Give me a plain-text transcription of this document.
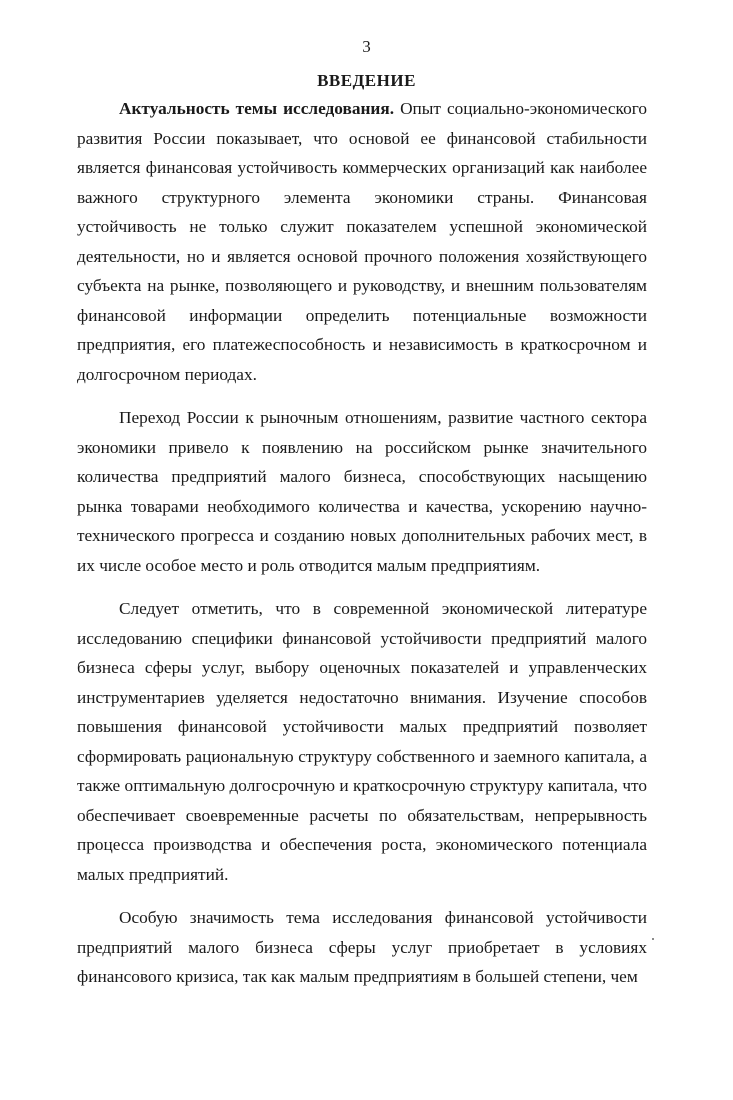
3
ВВЕДЕНИЕ

Актуальность темы исследования. Опыт социально-экономического развития России показывает, что основой ее финансовой стабильности является финансовая устойчивость коммерческих организаций как наиболее важного структурного элемента экономики страны. Финансовая устойчивость не только служит показателем успешной экономической деятельности, но и является основой прочного положения хозяйствующего субъекта на рынке, позволяющего и руководству, и внешним пользователям финансовой информации определить потенциальные возможности предприятия, его платежеспособность и независимость в краткосрочном и долгосрочном периодах.

Переход России к рыночным отношениям, развитие частного сектора экономики привело к появлению на российском рынке значительного количества предприятий малого бизнеса, способствующих насыщению рынка товарами необходимого количества и качества, ускорению научно-технического прогресса и созданию новых дополнительных рабочих мест, в их числе особое место и роль отводится малым предприятиям.

Следует отметить, что в современной экономической литературе исследованию специфики финансовой устойчивости предприятий малого бизнеса сферы услуг, выбору оценочных показателей и управленческих инструментариев уделяется недостаточно внимания. Изучение способов повышения финансовой устойчивости малых предприятий позволяет сформировать рациональную структуру собственного и заемного капитала, а также оптимальную долгосрочную и краткосрочную структуру капитала, что обеспечивает своевременные расчеты по обязательствам, непрерывность процесса производства и обеспечения роста, экономического потенциала малых предприятий.

Особую значимость тема исследования финансовой устойчивости предприятий малого бизнеса сферы услуг приобретает в условиях финансового кризиса, так как малым предприятиям в большей степени, чем
